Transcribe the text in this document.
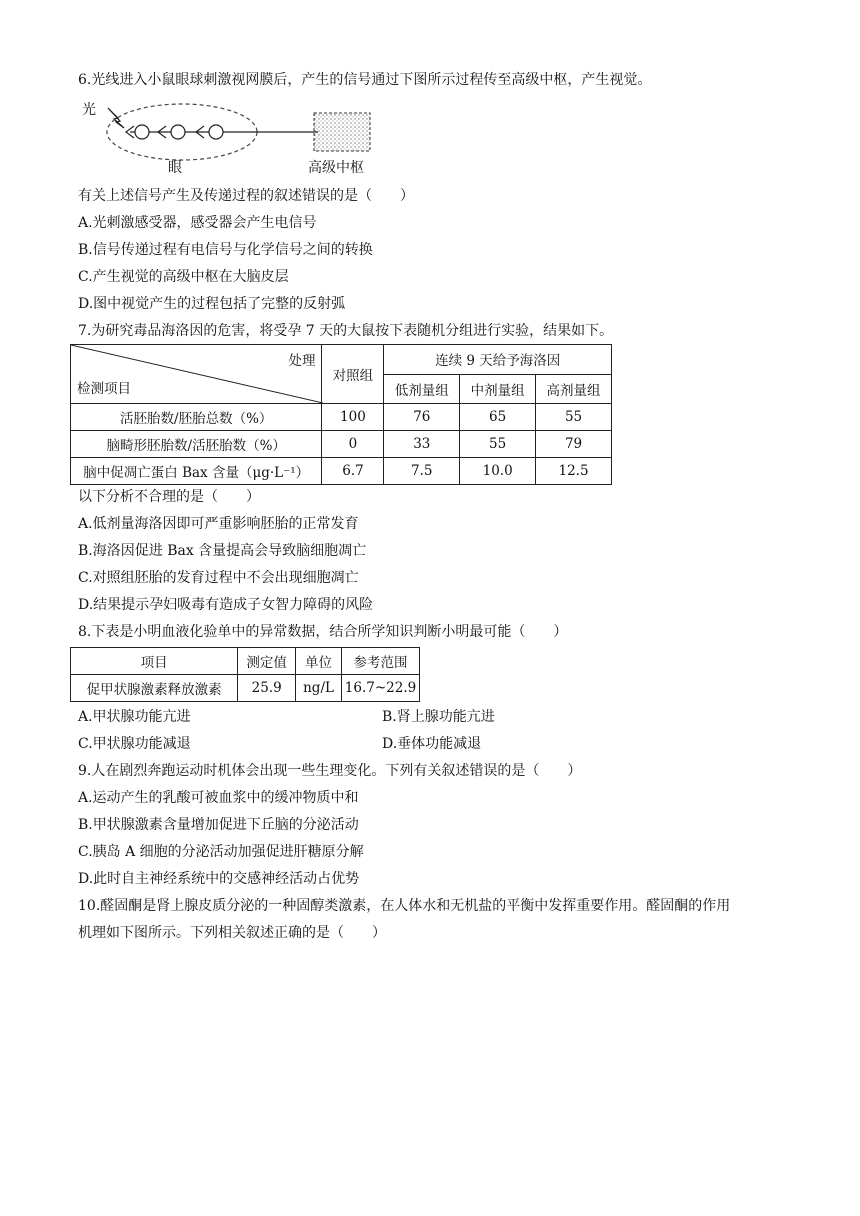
6.光线进入小鼠眼球刺激视网膜后，产生的信号通过下图所示过程传至高级中枢，产生视觉。
光
眼	高级中枢
有关上述信号产生及传递过程的叙述错误的是（　　）
A.光刺激感受器，感受器会产生电信号
B.信号传递过程有电信号与化学信号之间的转换
C.产生视觉的高级中枢在大脑皮层
D.图中视觉产生的过程包括了完整的反射弧
7.为研究毒品海洛因的危害，将受孕 7 天的大鼠按下表随机分组进行实验，结果如下。
处理
检测项目	对照组	连续 9 天给予海洛因		
		低剂量组	中剂量组	高剂量组
活胚胎数/胚胎总数（%）	100	76	65	55
脑畸形胚胎数/活胚胎数（%）	0	33	55	79
脑中促凋亡蛋白 Bax 含量（μg·L⁻¹）	6.7	7.5	10.0	12.5
以下分析不合理的是（　　）
A.低剂量海洛因即可严重影响胚胎的正常发育
B.海洛因促进 Bax 含量提高会导致脑细胞凋亡
C.对照组胚胎的发育过程中不会出现细胞凋亡
D.结果提示孕妇吸毒有造成子女智力障碍的风险
8.下表是小明血液化验单中的异常数据，结合所学知识判断小明最可能（　　）
项目	测定值	单位	参考范围
促甲状腺激素释放激素	25.9	ng/L	16.7~22.9
A.甲状腺功能亢进	B.肾上腺功能亢进
C.甲状腺功能减退	D.垂体功能减退
9.人在剧烈奔跑运动时机体会出现一些生理变化。下列有关叙述错误的是（　　）
A.运动产生的乳酸可被血浆中的缓冲物质中和
B.甲状腺激素含量增加促进下丘脑的分泌活动
C.胰岛 A 细胞的分泌活动加强促进肝糖原分解
D.此时自主神经系统中的交感神经活动占优势
10.醛固酮是肾上腺皮质分泌的一种固醇类激素，在人体水和无机盐的平衡中发挥重要作用。醛固酮的作用
机理如下图所示。下列相关叙述正确的是（　　）
